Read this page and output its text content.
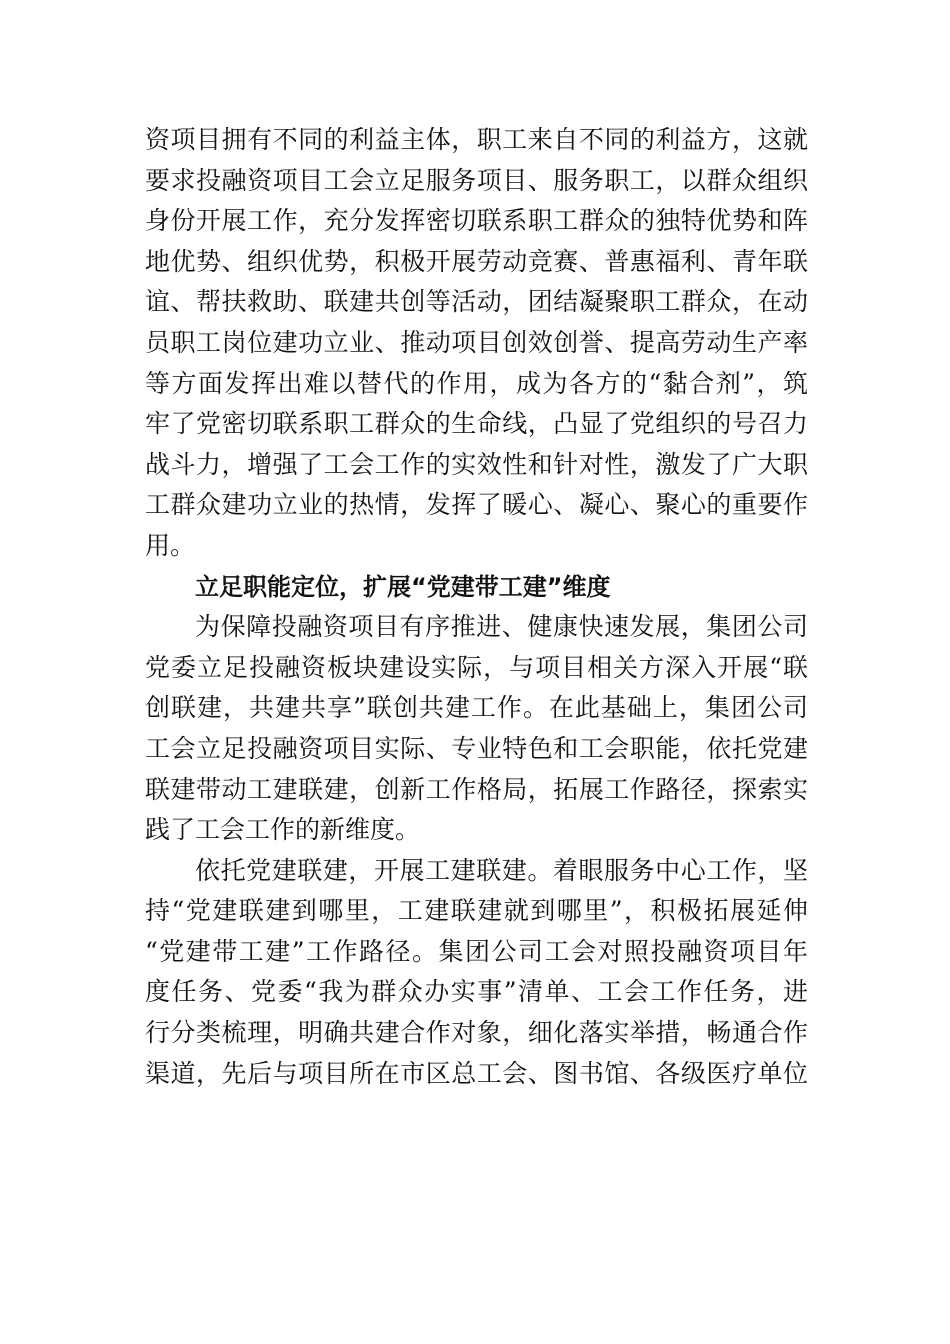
资项目拥有不同的利益主体，职工来自不同的利益方，这就
要求投融资项目工会立足服务项目、服务职工，以群众组织
身份开展工作，充分发挥密切联系职工群众的独特优势和阵
地优势、组织优势，积极开展劳动竞赛、普惠福利、青年联
谊、帮扶救助、联建共创等活动，团结凝聚职工群众，在动
员职工岗位建功立业、推动项目创效创誉、提高劳动生产率
等方面发挥出难以替代的作用，成为各方的“黏合剂”，筑
牢了党密切联系职工群众的生命线，凸显了党组织的号召力
战斗力，增强了工会工作的实效性和针对性，激发了广大职
工群众建功立业的热情，发挥了暖心、凝心、聚心的重要作
用。
立足职能定位，扩展“党建带工建”维度
为保障投融资项目有序推进、健康快速发展，集团公司
党委立足投融资板块建设实际，与项目相关方深入开展“联
创联建，共建共享”联创共建工作。在此基础上，集团公司
工会立足投融资项目实际、专业特色和工会职能，依托党建
联建带动工建联建，创新工作格局，拓展工作路径，探索实
践了工会工作的新维度。
依托党建联建，开展工建联建。着眼服务中心工作，坚
持“党建联建到哪里，工建联建就到哪里”，积极拓展延伸
“党建带工建”工作路径。集团公司工会对照投融资项目年
度任务、党委“我为群众办实事”清单、工会工作任务，进
行分类梳理，明确共建合作对象，细化落实举措，畅通合作
渠道，先后与项目所在市区总工会、图书馆、各级医疗单位
